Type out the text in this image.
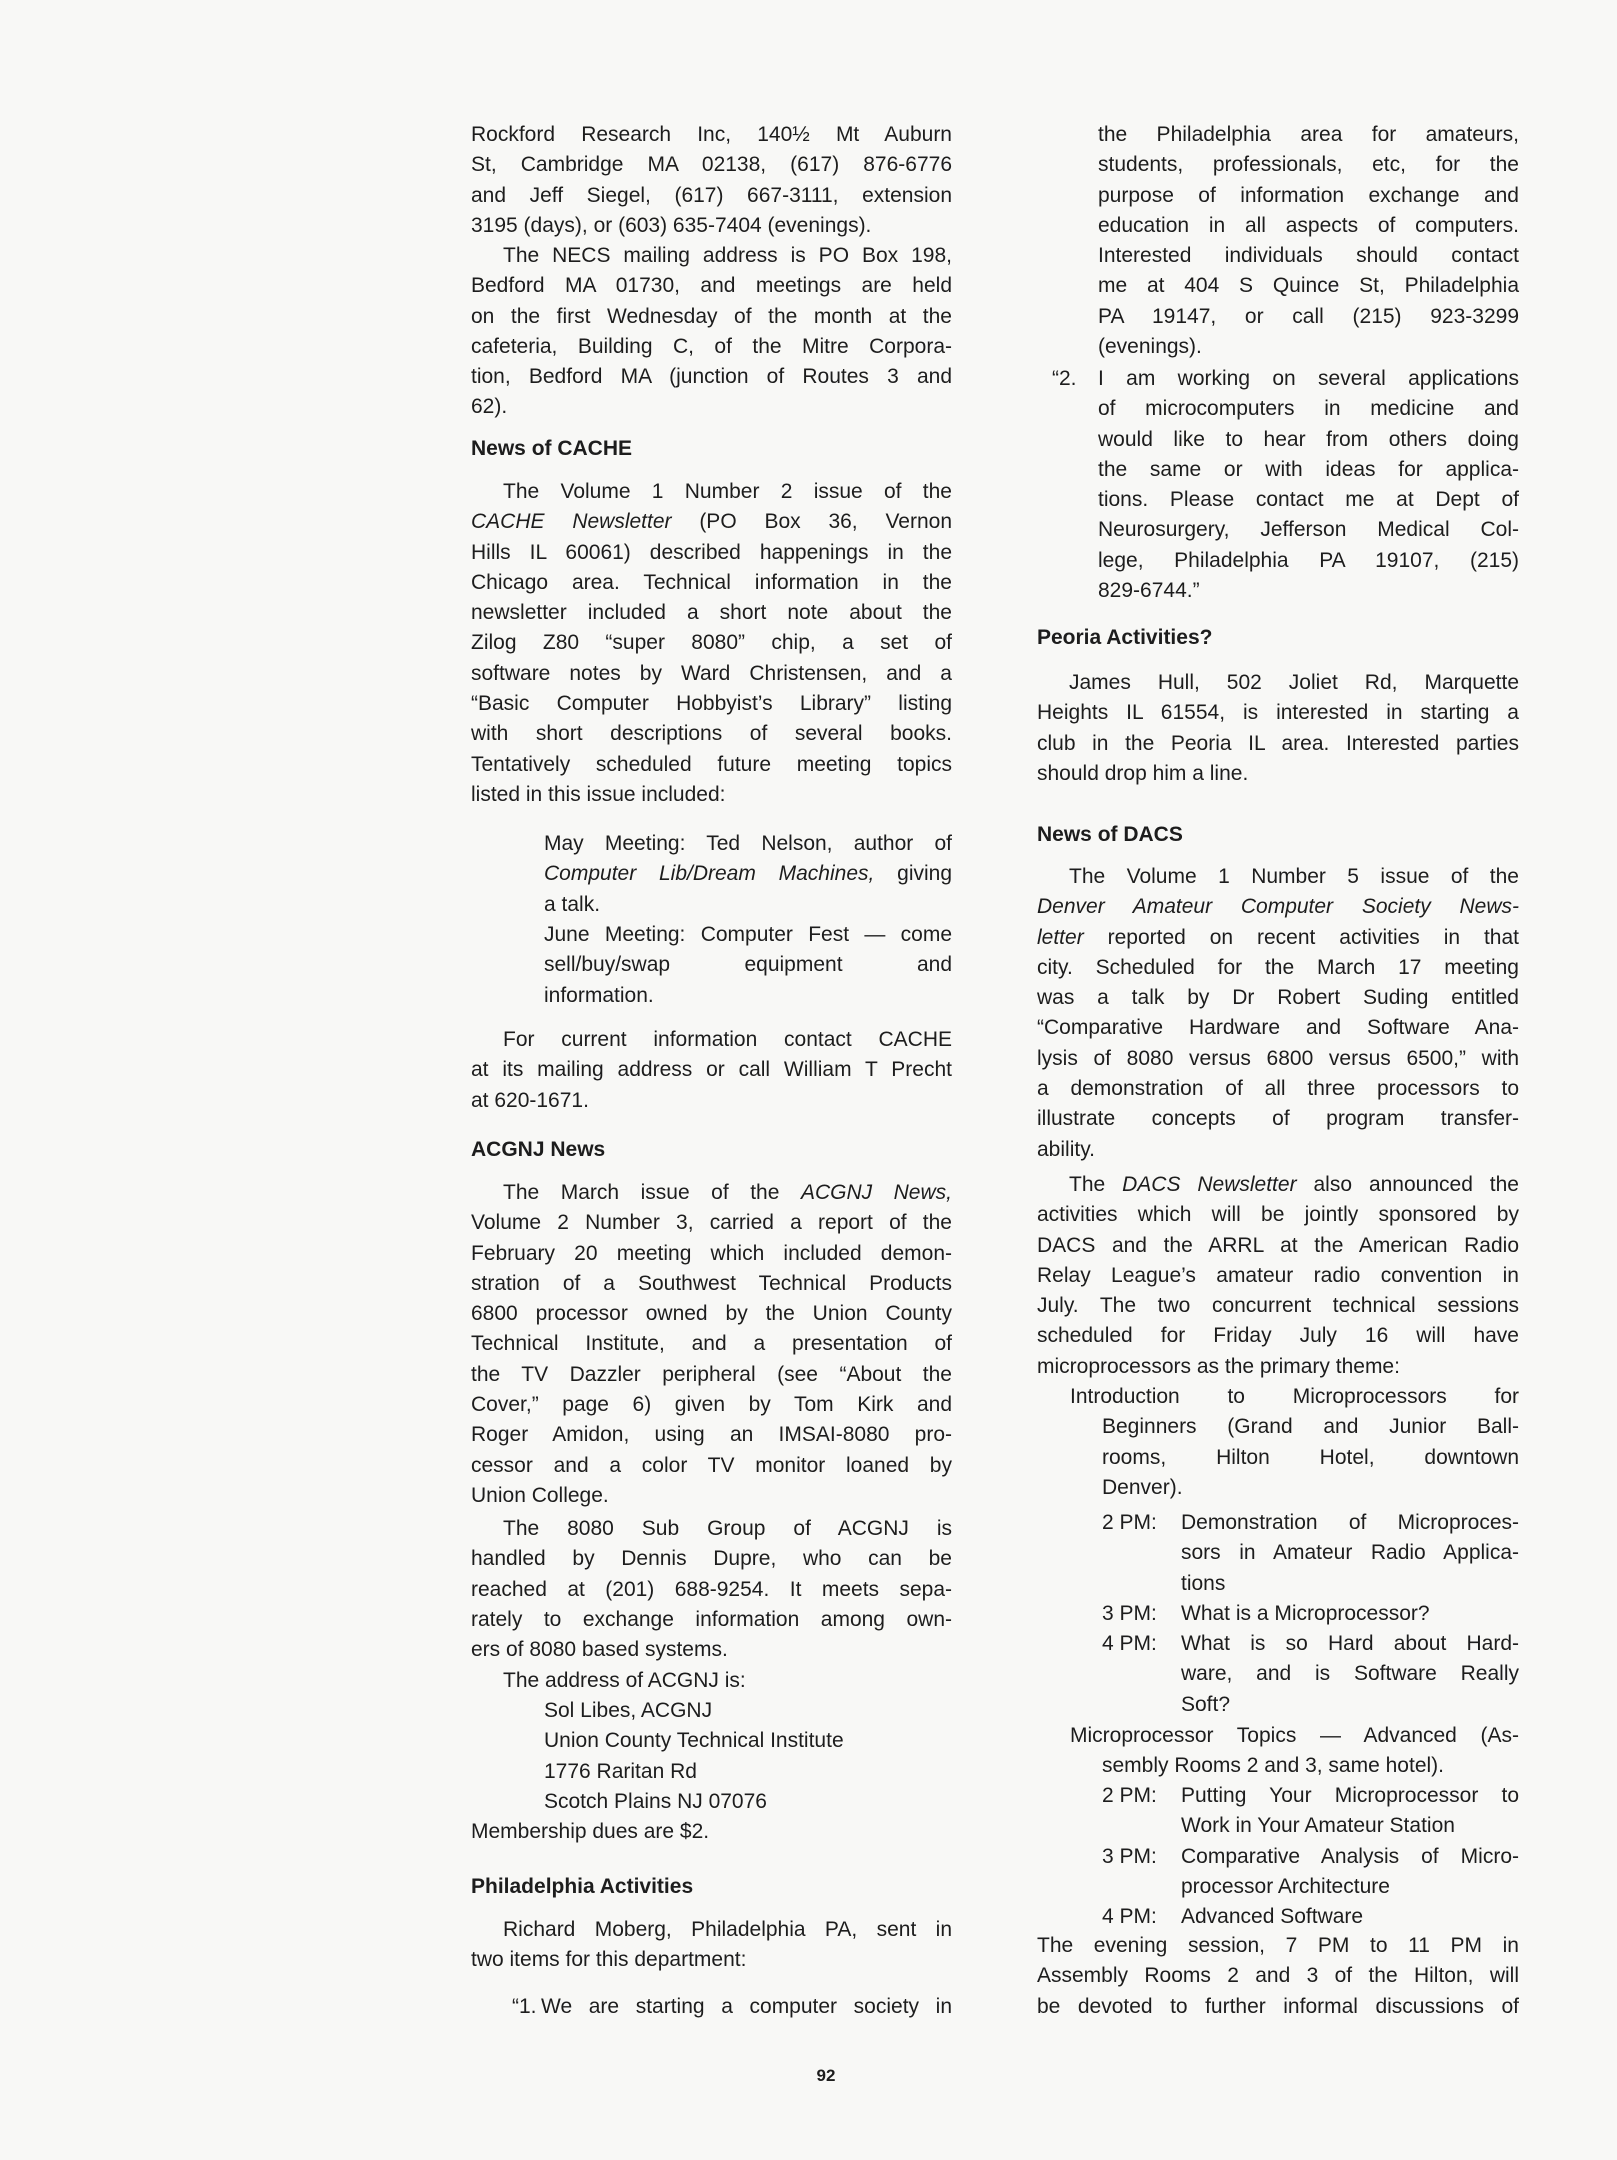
Rockford Research Inc, 140½ Mt Auburn
St, Cambridge MA 02138, (617) 876-6776
and Jeff Siegel, (617) 667-3111, extension
3195 (days), or (603) 635-7404 (evenings).
The NECS mailing address is PO Box 198,
Bedford MA 01730, and meetings are held
on the first Wednesday of the month at the
cafeteria, Building C, of the Mitre Corpora-
tion, Bedford MA (junction of Routes 3 and
62).
News of CACHE
The Volume 1 Number 2 issue of the
CACHE Newsletter (PO Box 36, Vernon
Hills IL 60061) described happenings in the
Chicago area. Technical information in the
newsletter included a short note about the
Zilog Z80 “super 8080” chip, a set of
software notes by Ward Christensen, and a
“Basic Computer Hobbyist’s Library” listing
with short descriptions of several books.
Tentatively scheduled future meeting topics
listed in this issue included:
May Meeting: Ted Nelson, author of
Computer Lib/Dream Machines, giving
a talk.
June Meeting: Computer Fest — come
sell/buy/swap equipment and
information.
For current information contact CACHE
at its mailing address or call William T Precht
at 620-1671.
ACGNJ News
The March issue of the ACGNJ News,
Volume 2 Number 3, carried a report of the
February 20 meeting which included demon-
stration of a Southwest Technical Products
6800 processor owned by the Union County
Technical Institute, and a presentation of
the TV Dazzler peripheral (see “About the
Cover,” page 6) given by Tom Kirk and
Roger Amidon, using an IMSAI-8080 pro-
cessor and a color TV monitor loaned by
Union College.
The 8080 Sub Group of ACGNJ is
handled by Dennis Dupre, who can be
reached at (201) 688-9254. It meets sepa-
rately to exchange information among own-
ers of 8080 based systems.
The address of ACGNJ is:
Sol Libes, ACGNJ
Union County Technical Institute
1776 Raritan Rd
Scotch Plains NJ 07076
Membership dues are $2.
Philadelphia Activities
Richard Moberg, Philadelphia PA, sent in
two items for this department:
“1. We are starting a computer society in
the Philadelphia area for amateurs,
students, professionals, etc, for the
purpose of information exchange and
education in all aspects of computers.
Interested individuals should contact
me at 404 S Quince St, Philadelphia
PA 19147, or call (215) 923-3299
(evenings).
“2. I am working on several applications
of microcomputers in medicine and
would like to hear from others doing
the same or with ideas for applica-
tions. Please contact me at Dept of
Neurosurgery, Jefferson Medical Col-
lege, Philadelphia PA 19107, (215)
829-6744.”
Peoria Activities?
James Hull, 502 Joliet Rd, Marquette
Heights IL 61554, is interested in starting a
club in the Peoria IL area. Interested parties
should drop him a line.
News of DACS
The Volume 1 Number 5 issue of the
Denver Amateur Computer Society News-
letter reported on recent activities in that
city. Scheduled for the March 17 meeting
was a talk by Dr Robert Suding entitled
“Comparative Hardware and Software Ana-
lysis of 8080 versus 6800 versus 6500,” with
a demonstration of all three processors to
illustrate concepts of program transfer-
ability.
The DACS Newsletter also announced the
activities which will be jointly sponsored by
DACS and the ARRL at the American Radio
Relay League’s amateur radio convention in
July. The two concurrent technical sessions
scheduled for Friday July 16 will have
microprocessors as the primary theme:
Introduction to Microprocessors for
Beginners (Grand and Junior Ball-
rooms, Hilton Hotel, downtown
Denver).
2 PM:	Demonstration of Microproces-
sors in Amateur Radio Applica-
tions
3 PM:	What is a Microprocessor?
4 PM:	What is so Hard about Hard-
ware, and is Software Really
Soft?
Microprocessor Topics — Advanced (As-
sembly Rooms 2 and 3, same hotel).
2 PM:	Putting Your Microprocessor to
Work in Your Amateur Station
3 PM:	Comparative Analysis of Micro-
processor Architecture
4 PM:	Advanced Software
The evening session, 7 PM to 11 PM in
Assembly Rooms 2 and 3 of the Hilton, will
be devoted to further informal discussions of
92
